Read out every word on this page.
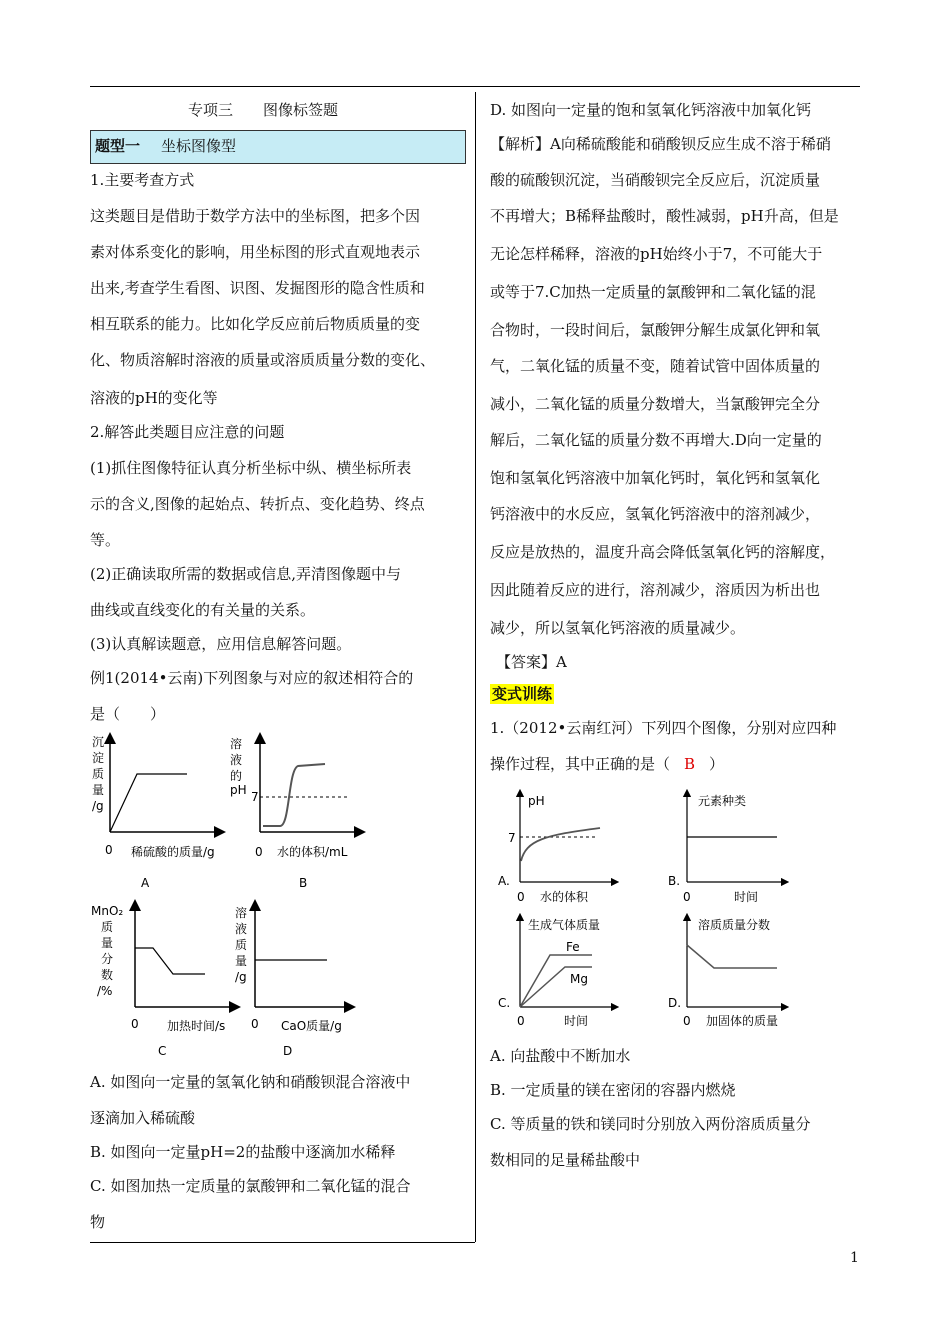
专项三　　图像标签题
题型一 坐标图像型
1.主要考查方式
这类题目是借助于数学方法中的坐标图，把多个因
素对体系变化的影响，用坐标图的形式直观地表示
出来,考查学生看图、识图、发掘图形的隐含性质和
相互联系的能力。比如化学反应前后物质质量的变
化、物质溶解时溶液的质量或溶质质量分数的变化、
溶液的pH的变化等
2.解答此类题目应注意的问题
(1)抓住图像特征认真分析坐标中纵、横坐标所表
示的含义,图像的起始点、转折点、变化趋势、终点
等。
(2)正确读取所需的数据或信息,弄清图像题中与
曲线或直线变化的有关量的关系。
(3)认真解读题意，应用信息解答问题。
例1(2014•云南)下列图象与对应的叙述相符合的
是（　　）
沉
淀
质
量
/g
0 稀硫酸的质量/g
A
溶
液
的
pH 7
0 水的体积/mL
B
MnO₂
质
量
分
数
/%
0 加热时间/s
C
溶
液
质
量
/g
0 CaO质量/g
D
A. 如图向一定量的氢氧化钠和硝酸钡混合溶液中
逐滴加入稀硫酸
B. 如图向一定量pH=2的盐酸中逐滴加水稀释
C. 如图加热一定质量的氯酸钾和二氧化锰的混合
物
D. 如图向一定量的饱和氢氧化钙溶液中加氧化钙
【解析】A向稀硫酸能和硝酸钡反应生成不溶于稀硝
酸的硫酸钡沉淀，当硝酸钡完全反应后，沉淀质量
不再增大；B稀释盐酸时，酸性减弱，pH升高，但是
无论怎样稀释，溶液的pH始终小于7，不可能大于
或等于7.C加热一定质量的氯酸钾和二氧化锰的混
合物时，一段时间后，氯酸钾分解生成氯化钾和氧
气，二氧化锰的质量不变，随着试管中固体质量的
减小，二氧化锰的质量分数增大，当氯酸钾完全分
解后，二氧化锰的质量分数不再增大.D向一定量的
饱和氢氧化钙溶液中加氧化钙时，氧化钙和氢氧化
钙溶液中的水反应，氢氧化钙溶液中的溶剂减少，
反应是放热的，温度升高会降低氢氧化钙的溶解度，
因此随着反应的进行，溶剂减少，溶质因为析出也
减少，所以氢氧化钙溶液的质量减少。
【答案】A
变式训练
1.（2012•云南红河）下列四个图像，分别对应四种
操作过程，其中正确的是（ B ）
pH
7
A.
0 水的体积
元素种类
B.
0	时间
生成气体质量
Fe
Mg
C.
0	时间
溶质质量分数
D.
0 加固体的质量
A. 向盐酸中不断加水
B. 一定质量的镁在密闭的容器内燃烧
C. 等质量的铁和镁同时分别放入两份溶质质量分
数相同的足量稀盐酸中
1
